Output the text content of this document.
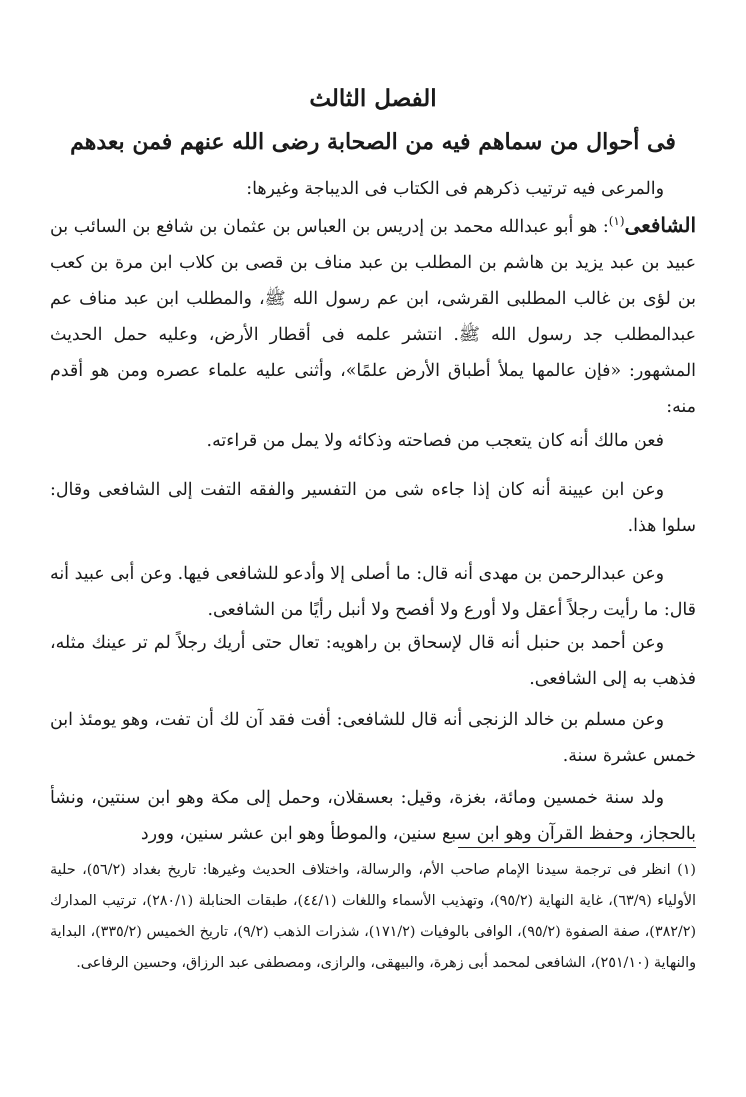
الفصل الثالث
فى أحوال من سماهم فيه من الصحابة رضى الله عنهم فمن بعدهم

والمرعى فيه ترتيب ذكرهم فى الكتاب فى الديباجة وغيرها:

الشافعى$^{(١)}$: هو أبو عبدالله محمد بن إدريس بن العباس بن عثمان بن شافع بن السائب بن عبيد بن عبد يزيد بن هاشم بن المطلب بن عبد مناف بن قصى بن كلاب ابن مرة بن كعب بن لؤى بن غالب المطلبى القرشى، ابن عم رسول الله ﷺ، والمطلب ابن عبد مناف عم عبدالمطلب جد رسول الله ﷺ. انتشر علمه فى أقطار الأرض، وعليه حمل الحديث المشهور: «فإن عالمها يملأ أطباق الأرض علمًا»، وأثنى عليه علماء عصره ومن هو أقدم منه:

فعن مالك أنه كان يتعجب من فصاحته وذكائه ولا يمل من قراءته.

وعن ابن عيينة أنه كان إذا جاءه شى من التفسير والفقه التفت إلى الشافعى وقال: سلوا هذا.

وعن عبدالرحمن بن مهدى أنه قال: ما أصلى إلا وأدعو للشافعى فيها. وعن أبى عبيد أنه قال: ما رأيت رجلاً أعقل ولا أورع ولا أفصح ولا أنبل رأيًا من الشافعى.

وعن أحمد بن حنبل أنه قال لإسحاق بن راهويه: تعال حتى أريك رجلاً لم تر عينك مثله، فذهب به إلى الشافعى.

وعن مسلم بن خالد الزنجى أنه قال للشافعى: أفت فقد آن لك أن تفت، وهو يومئذ ابن خمس عشرة سنة.

ولد سنة خمسين ومائة، بغزة، وقيل: بعسقلان، وحمل إلى مكة وهو ابن سنتين، ونشأ بالحجاز، وحفظ القرآن وهو ابن سبع سنين، والموطأ وهو ابن عشر سنين، وورد

(١) انظر فى ترجمة سيدنا الإمام صاحب الأم، والرسالة، واختلاف الحديث وغيرها: تاريخ بغداد (٥٦/٢)، حلية الأولياء (٦٣/٩)، غاية النهاية (٩٥/٢)، وتهذيب الأسماء واللغات (٤٤/١)، طبقات الحنابلة (٢٨٠/١)، ترتيب المدارك (٣٨٢/٢)، صفة الصفوة (٩٥/٢)، الوافى بالوفيات (١٧١/٢)، شذرات الذهب (٩/٢)، تاريخ الخميس (٣٣٥/٢)، البداية والنهاية (٢٥١/١٠)، الشافعى لمحمد أبى زهرة، والبيهقى، والرازى، ومصطفى عبد الرزاق، وحسين الرفاعى.
